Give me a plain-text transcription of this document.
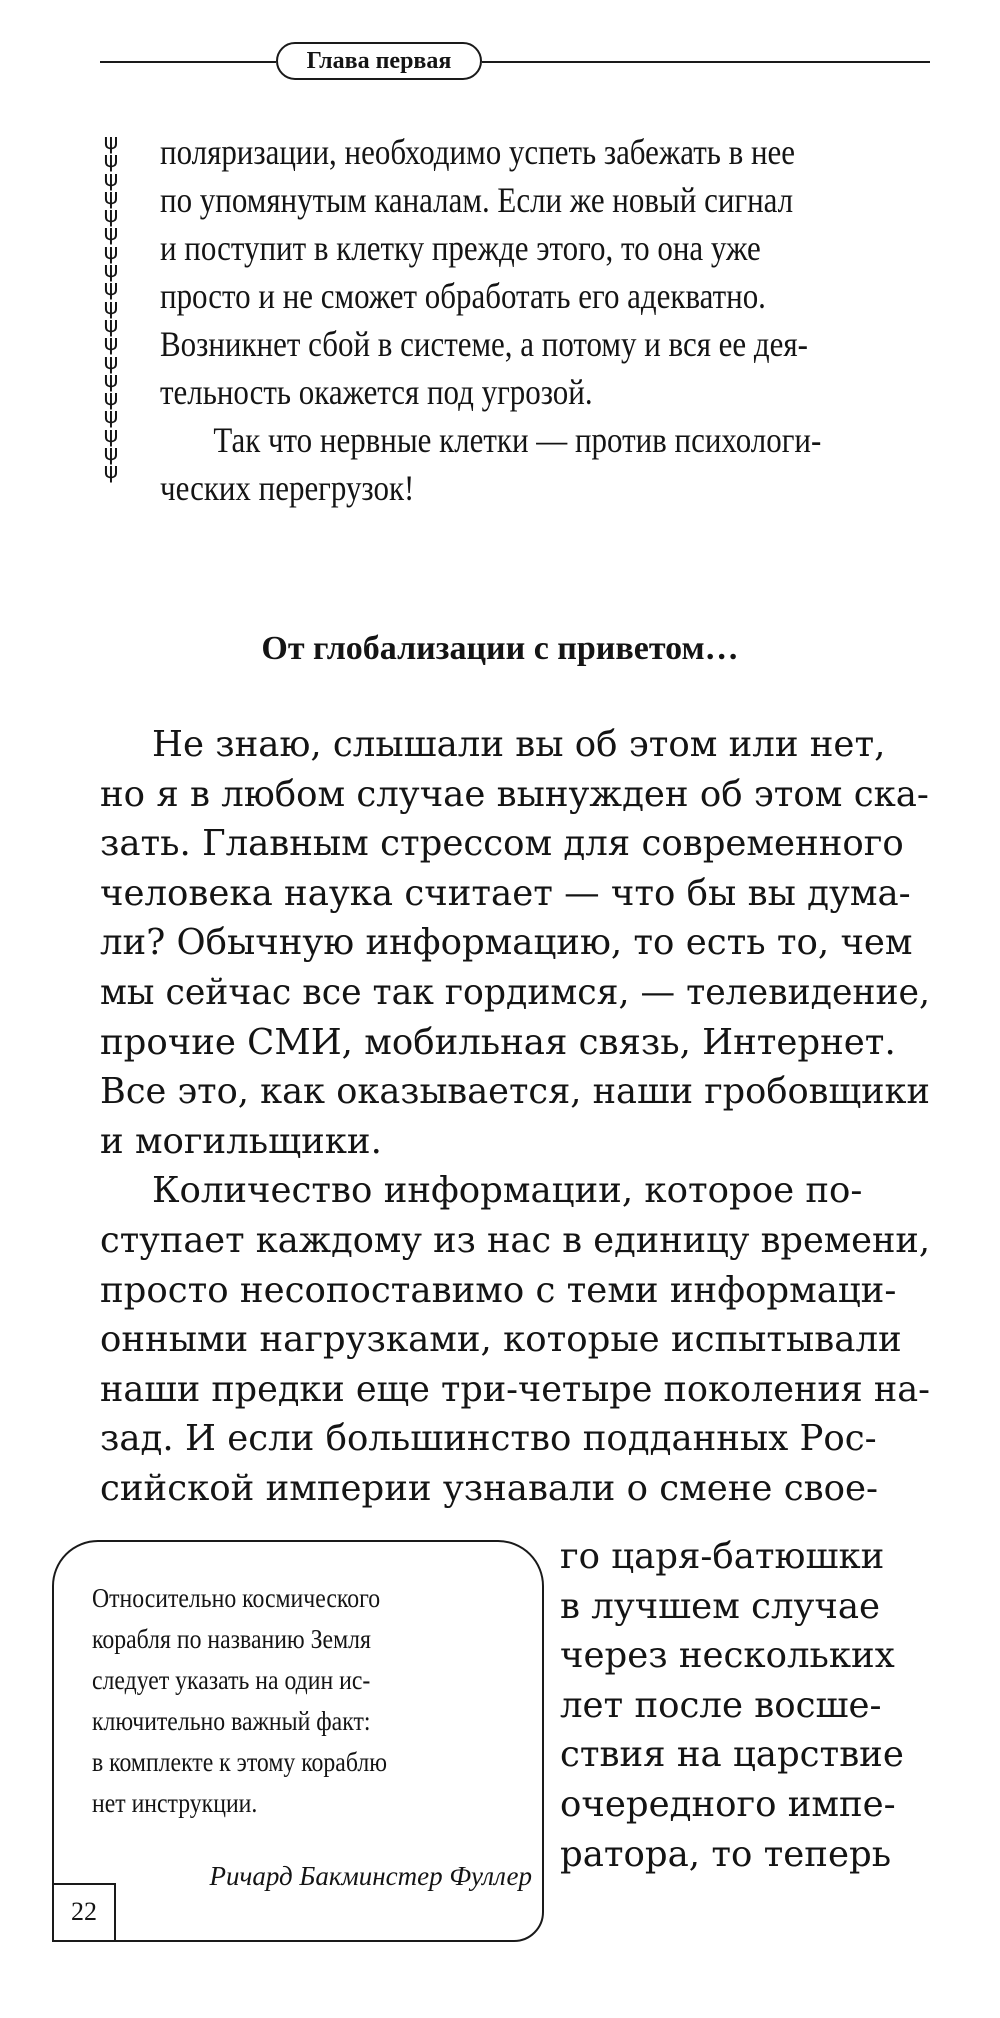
Глава первая
ψ
ψ
ψ
ψ
ψ
ψ
ψ
ψ
ψ
ψ
ψ
ψ
ψ
ψ
ψ
ψ
ψ
ψ
ψ

поляризации, необходимо успеть забежать в нее

по упомянутым каналам. Если же новый сигнал

и поступит в клетку прежде этого, то она уже

просто и не сможет обработать его адекватно.

Возникнет сбой в системе, а потому и вся ее дея-

тельность окажется под угрозой.

Так что нервные клетки — против психологи-

ческих перегрузок!

От глобализации с приветом…

Не знаю, слышали вы об этом или нет,

но я в любом случае вынужден об этом ска-

зать. Главным стрессом для современного

человека наука считает — что бы вы дума-

ли? Обычную информацию, то есть то, чем

мы сейчас все так гордимся, — телевидение,

прочие СМИ, мобильная связь, Интернет.

Все это, как оказывается, наши гробовщики

и могильщики.

Количество информации, которое по-

ступает каждому из нас в единицу времени,

просто несопоставимо с теми информаци-

онными нагрузками, которые испытывали

наши предки еще три-четыре поколения на-

зад. И если большинство подданных Рос-

сийской империи узнавали о смене свое-

го царя-батюшки

в лучшем случае

через нескольких

лет после восше-

ствия на царствие

очередного импе-

ратора, то теперь

Относительно космического

корабля по названию Земля

следует указать на один ис-

ключительно важный факт:

в комплекте к этому кораблю

нет инструкции.

Ричард Бакминстер Фуллер
22
